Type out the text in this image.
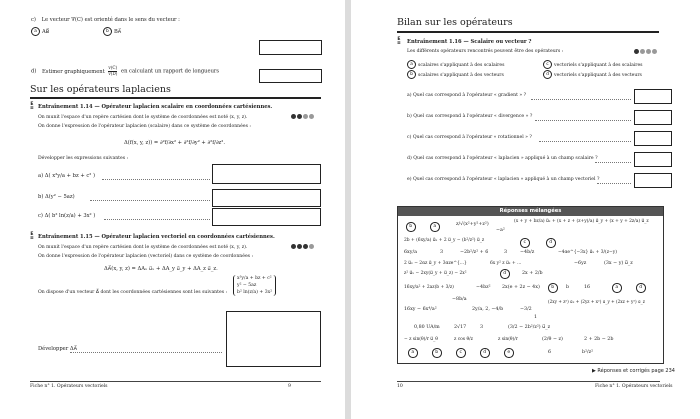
c) Le vecteur ∇(C) est orienté dans le sens du vecteur :
a AB⃗	b BA⃗
d) Estimer graphiquement $\frac{v(C)}{v(D)}$ en calculant un rapport de longueurs
Sur les opérateurs laplaciens
E
≡ Entraînement 1.14 — Opérateur laplacien scalaire en coordonnées cartésiennes.
On munit l'espace d'un repère cartésien dont le système de coordonnées est noté (x, y, z).
On donne l'expression de l'opérateur laplacien (scalaire) dans ce système de coordonnées :
Δ(f(x, y, z)) = ∂²f/∂x² + ∂²f/∂y² + ∂²f/∂z².
Développer les expressions suivantes :
a) Δ( x³y/a + bz + c² )
b) Δ(y² − 5az)
c) Δ( b² ln(z/a) + 3x² )
E
≡ Entraînement 1.15 — Opérateur laplacien vectoriel en coordonnées cartésiennes.
On munit l'espace d'un repère cartésien dont le système de coordonnées est noté (x, y, z).
On donne l'expression de l'opérateur laplacien (vectoriel) dans ce système de coordonnées :
ΔA⃗(x, y, z) = ΔAₓ u⃗ₓ + ΔA_y u⃗_y + ΔA_z u⃗_z.
On dispose d'un vecteur A⃗ dont les coordonnées cartésiennes sont les suivantes :
x³y/a + bz + c²
y² − 5az
b² ln(z/a) + 3x²
Développer ΔA⃗
Fiche n° 1. Opérateurs vectoriels	9
Bilan sur les opérateurs
E
≡ Entraînement 1.16 — Scalaire ou vecteur ?
Les différents opérateurs rencontrés peuvent être des opérateurs :
a scalaires s'appliquant à des scalaires
b scalaires s'appliquant à des vecteurs
c vectoriels s'appliquant à des scalaires
d vectoriels s'appliquant à des vecteurs
a) Quel cas correspond à l'opérateur « gradient » ?
b) Quel cas correspond à l'opérateur « divergence » ?
c) Quel cas correspond à l'opérateur « rotationnel » ?
d) Quel cas correspond à l'opérateur « laplacien » appliqué à un champ scalaire ?
e) Quel cas correspond à l'opérateur « laplacien » appliqué à un champ vectoriel ?
Réponses mélangées
(x + y + bz/a) u⃗ₓ + (x + z + (z+y)/a) u⃗_y + (x + y + 2z/a) u⃗_z
z/√(x²+y²+z²)
−a²
b	a
2b + (6xy/a) u⃗ₓ + 2 u⃗_y − (b²/z²) u⃗_z	c	d
6xy/a	3	−2b²/z² + 6	3	−4b/z	−4αe^{−3x} u⃗ₓ + 3/(z−y)
2 u⃗ₓ − 2αz u⃗_y + 3αze^{...}	6x y² z u⃗ₓ + ...	−6yz	(3x − y) u⃗_z
z² u⃗ₓ − 2xy(u⃗_y + u⃗_z) − 2x²	d	2x + 2/b
16xy/a² + 2az(b + 3/z)	−4bz² 2x(e + 2z − 4x)	b	b	16	a	d
−8b/a	(2xy + z²) u⃗ₓ + (2yz + x²) u⃗_y + (2xz + y²) u⃗_z
16xy − 6x⁴/a²	2y/a, 2, −4/b	−3/2
1
0,80 UA/m	2√17	3	(3/2 − 2b²/z²) u⃗_z
− z sin(θ)/r u⃗_θ	z cos θ/z	z sin(θ)/r	(2/θ − z)	2 + 2b − 2b
a	b	c	d	e	6	b²/z²
▶ Réponses et corrigés page 234
10	Fiche n° 1. Opérateurs vectoriels
